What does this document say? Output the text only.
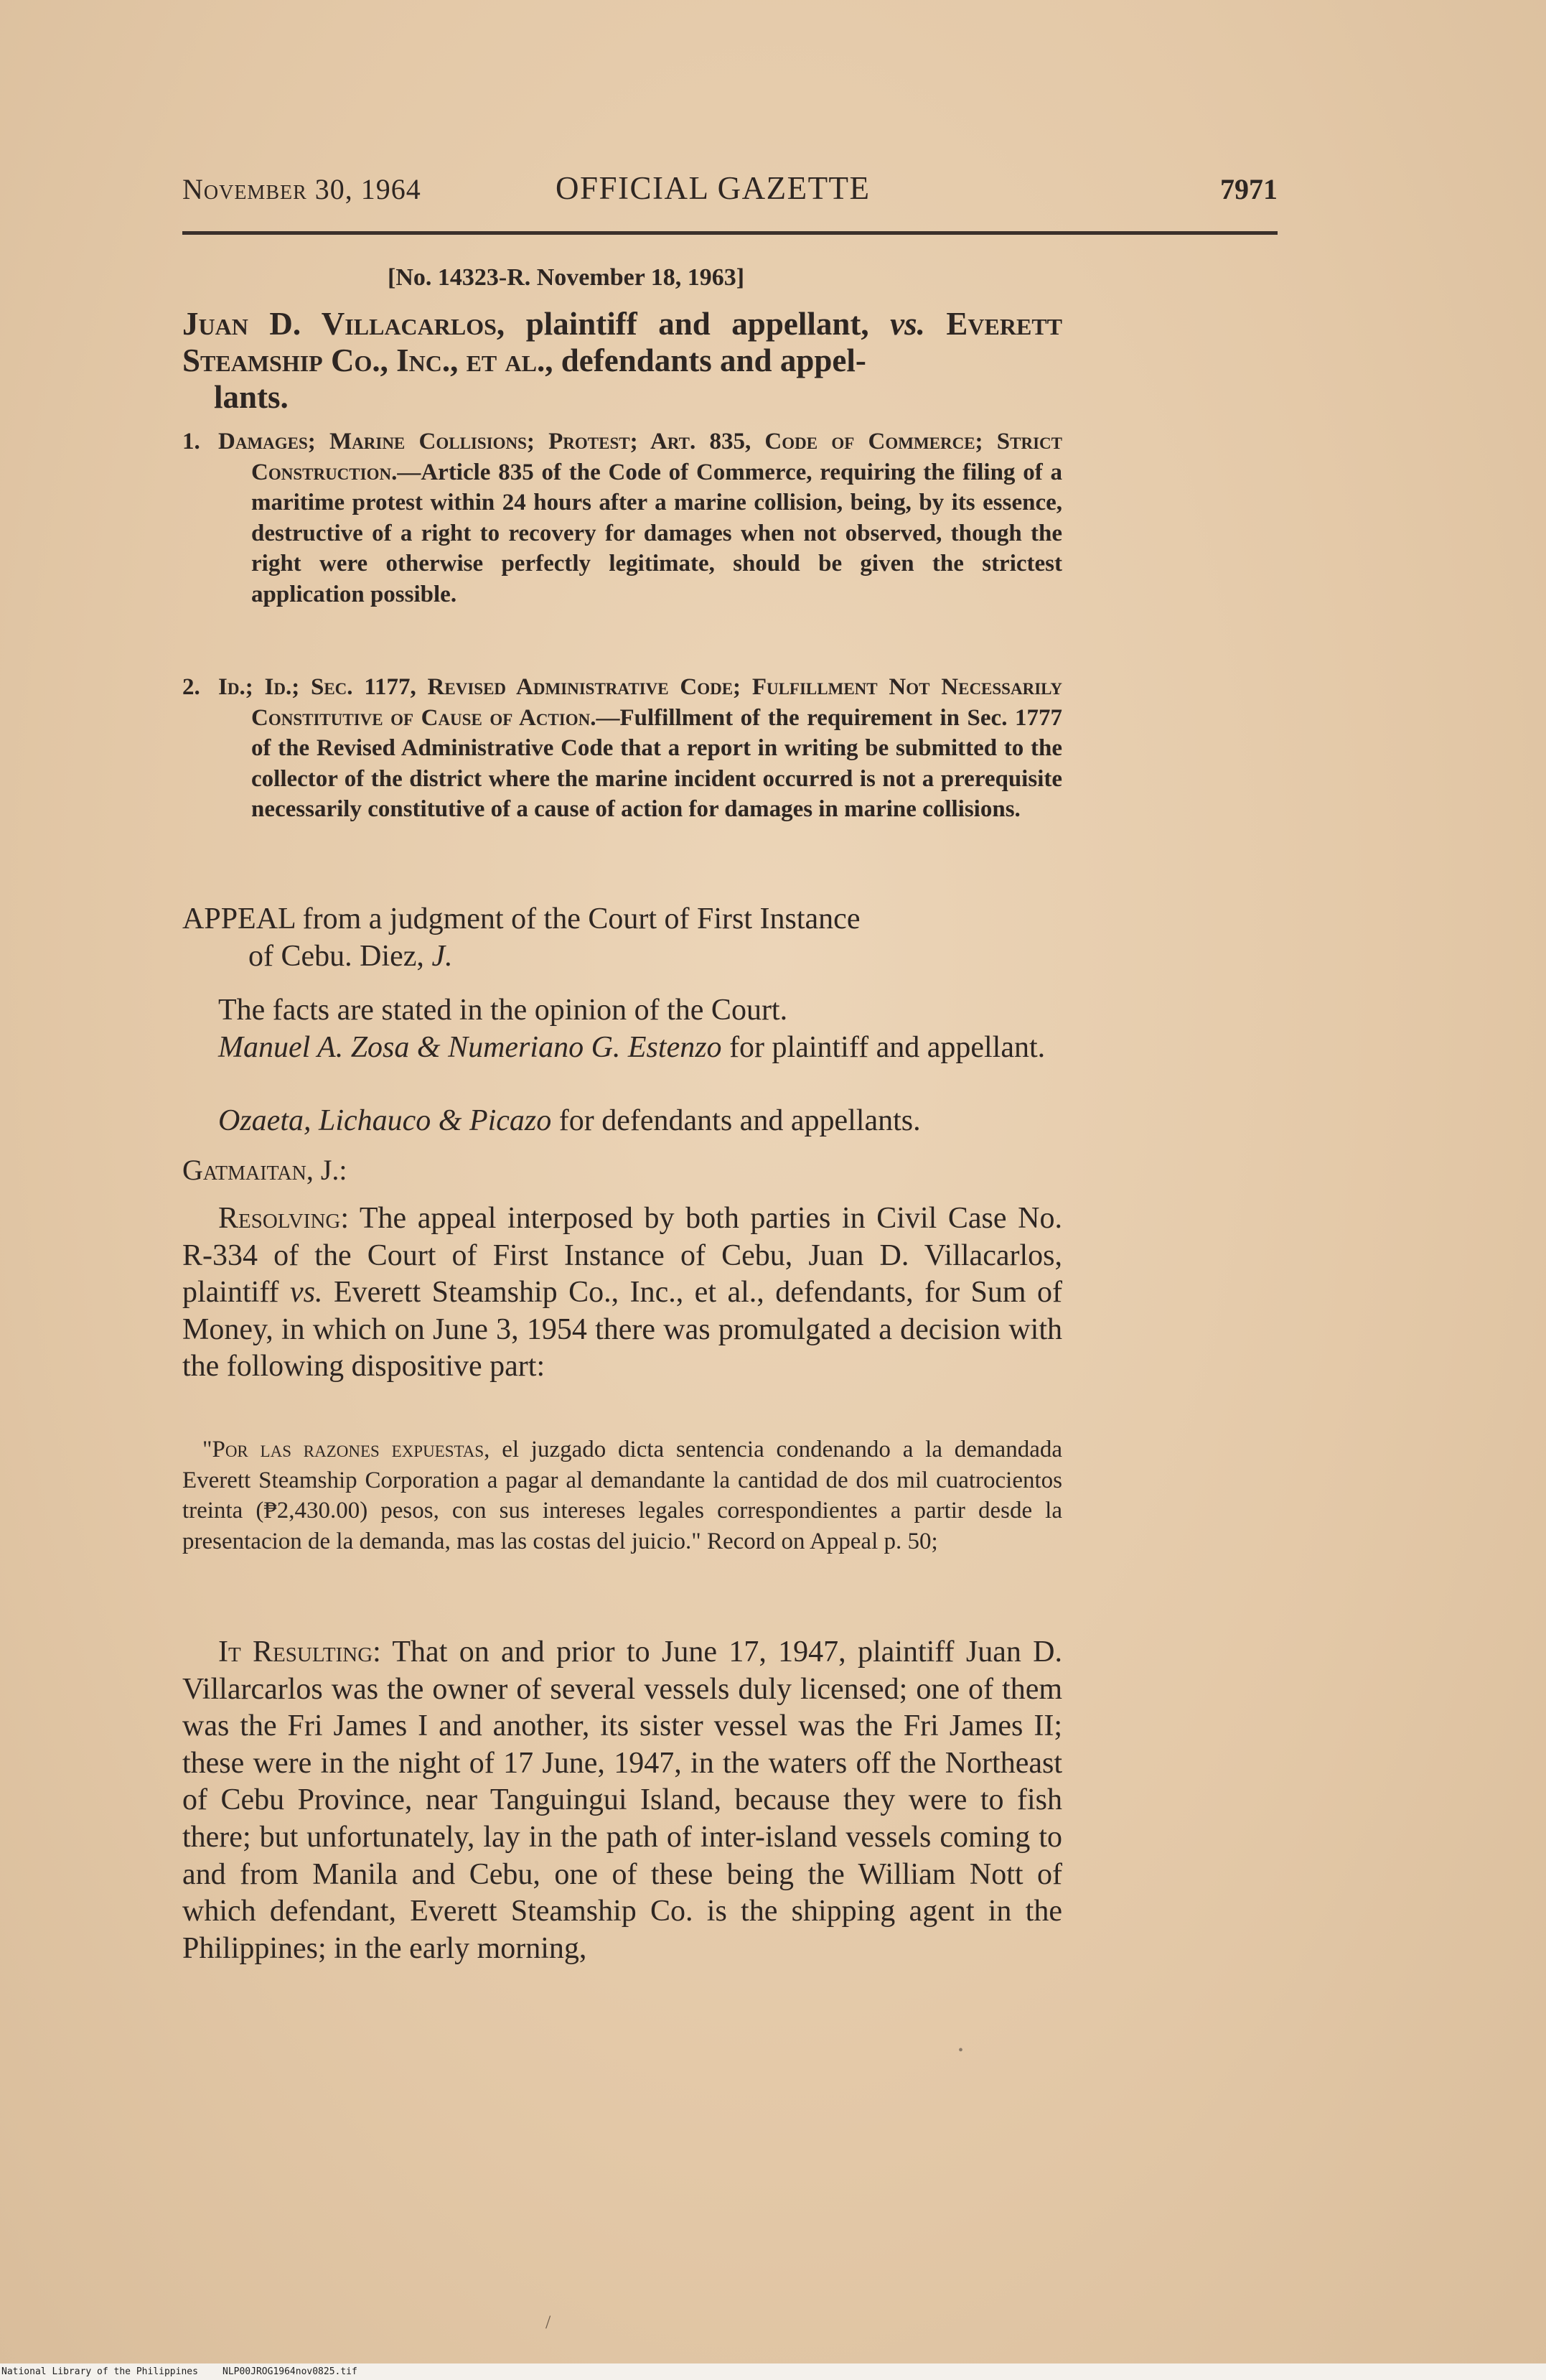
November 30, 1964	OFFICIAL GAZETTE	7971
[No. 14323-R. November 18, 1963]
Juan D. Villacarlos, plaintiff and appellant, vs. Everett Steamship Co., Inc., et al., defendants and appel-
lants.
1. Damages; Marine Collisions; Protest; Art. 835, Code of Commerce; Strict Construction.—Article 835 of the Code of Commerce, requiring the filing of a maritime protest within 24 hours after a marine collision, being, by its essence, destructive of a right to recovery for damages when not observed, though the right were otherwise perfectly legitimate, should be given the strictest application possible.
2. Id.; Id.; Sec. 1177, Revised Administrative Code; Fulfillment Not Necessarily Constitutive of Cause of Action.—Fulfillment of the requirement in Sec. 1777 of the Revised Administrative Code that a report in writing be submitted to the collector of the district where the marine incident occurred is not a prerequisite necessarily constitutive of a cause of action for damages in marine collisions.
APPEAL from a judgment of the Court of First Instance
of Cebu. Diez, J.
The facts are stated in the opinion of the Court.
Manuel A. Zosa & Numeriano G. Estenzo for plaintiff and appellant.
Ozaeta, Lichauco & Picazo for defendants and appellants.
Gatmaitan, J.:
Resolving: The appeal interposed by both parties in Civil Case No. R-334 of the Court of First Instance of Cebu, Juan D. Villacarlos, plaintiff vs. Everett Steamship Co., Inc., et al., defendants, for Sum of Money, in which on June 3, 1954 there was promulgated a decision with the following dispositive part:
"Por las razones expuestas, el juzgado dicta sentencia condenando a la demandada Everett Steamship Corporation a pagar al demandante la cantidad de dos mil cuatrocientos treinta (₱2,430.00) pesos, con sus intereses legales correspondientes a partir desde la presentacion de la demanda, mas las costas del juicio." Record on Appeal p. 50;
It Resulting: That on and prior to June 17, 1947, plaintiff Juan D. Villarcarlos was the owner of several vessels duly licensed; one of them was the Fri James I and another, its sister vessel was the Fri James II; these were in the night of 17 June, 1947, in the waters off the Northeast of Cebu Province, near Tanguingui Island, because they were to fish there; but unfortunately, lay in the path of inter-island vessels coming to and from Manila and Cebu, one of these being the William Nott of which defendant, Everett Steamship Co. is the shipping agent in the Philippines; in the early morning,
•
/
National Library of the Philippines	NLP00JROG1964nov0825.tif
